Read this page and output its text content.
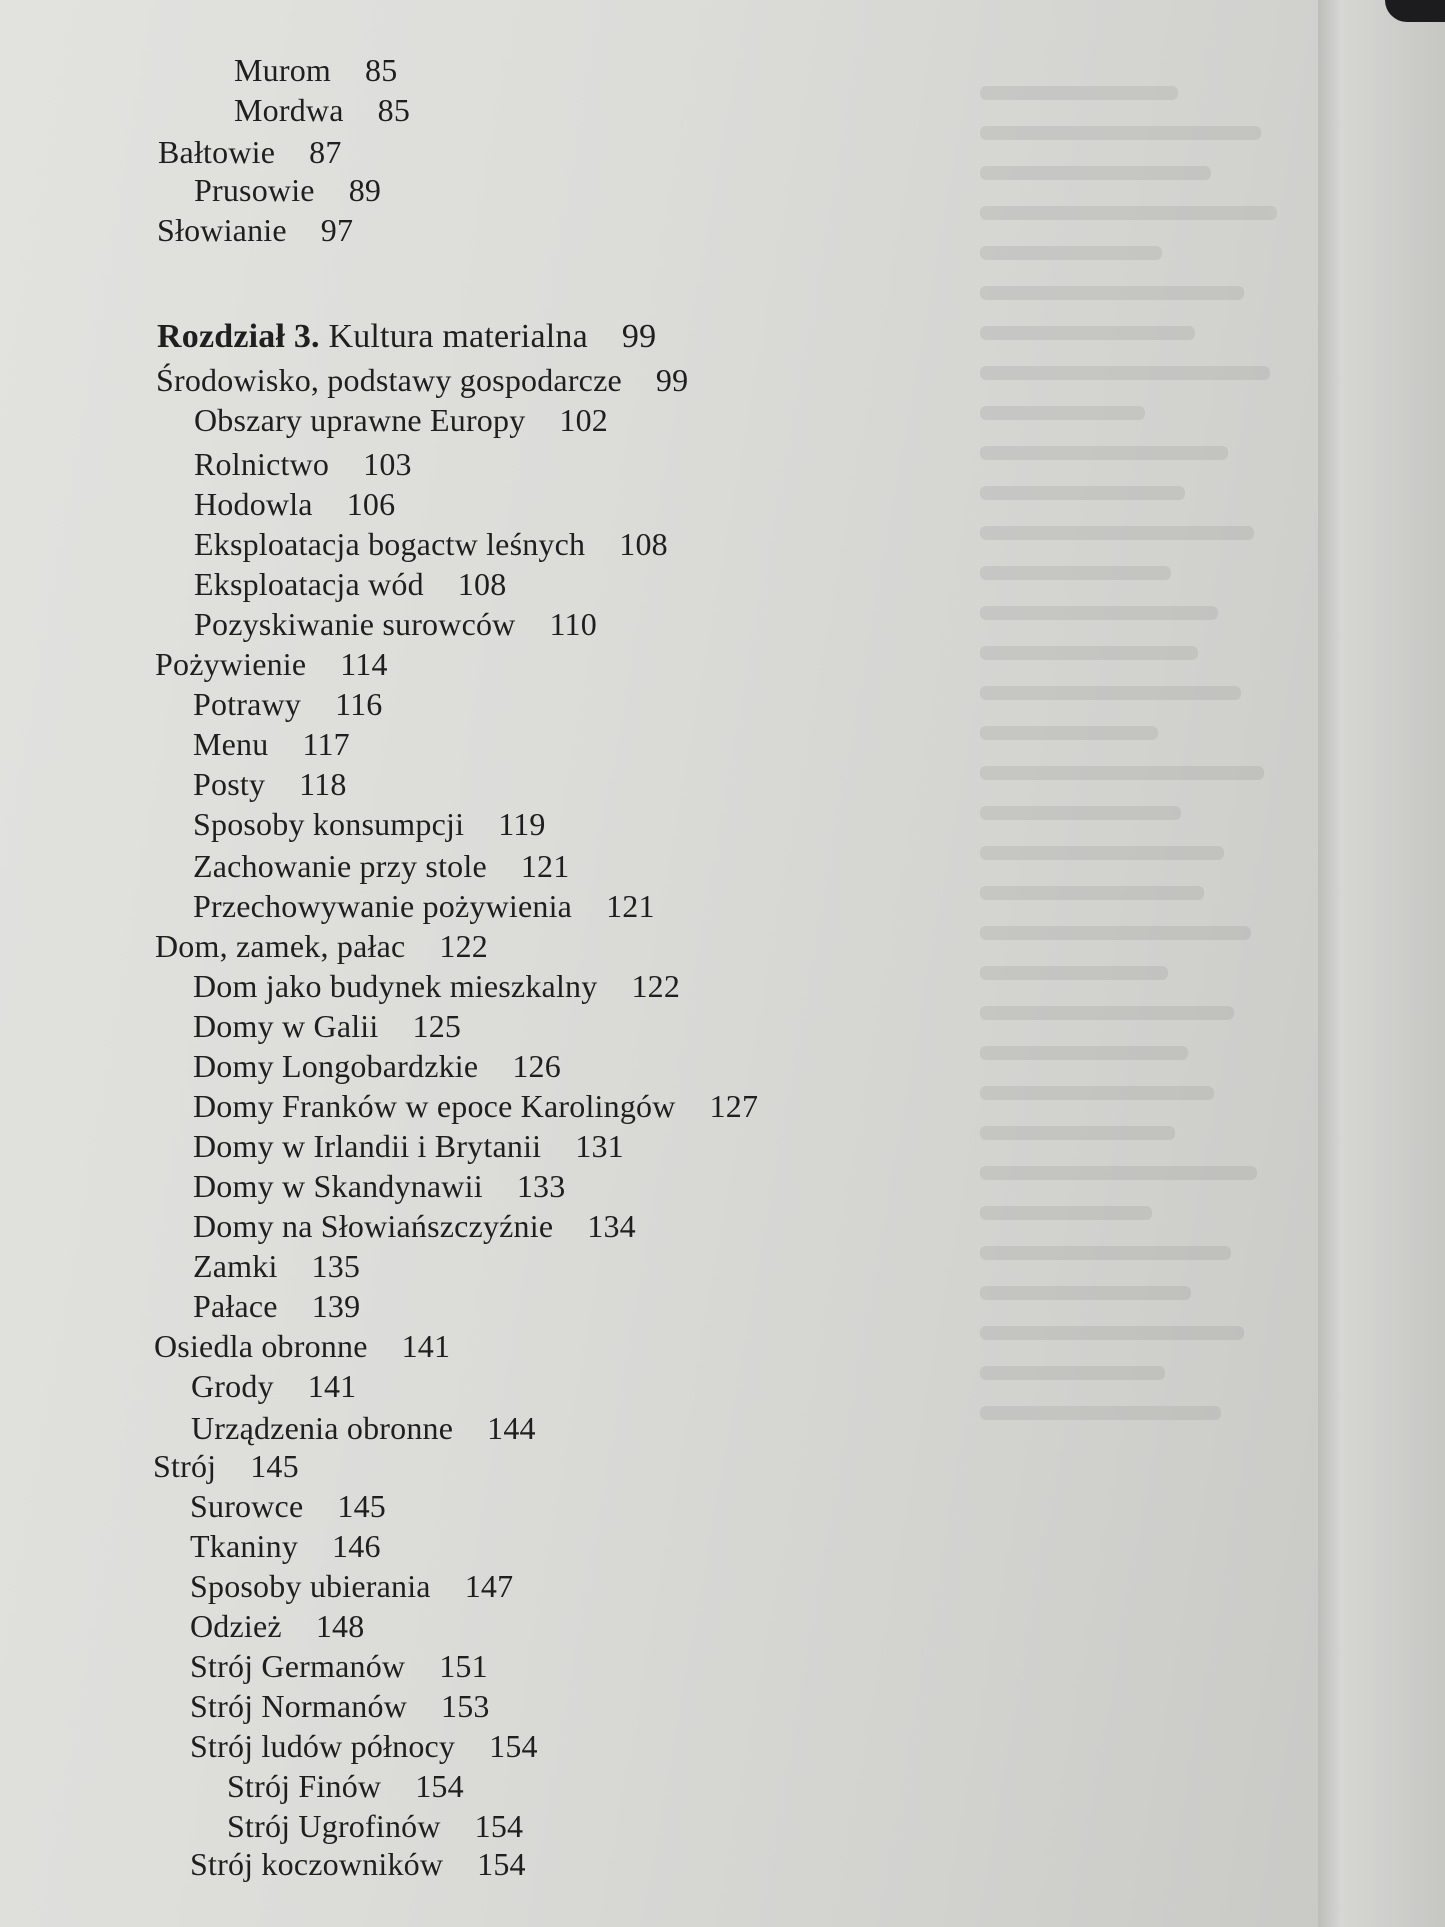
Murom 85
Mordwa 85
Bałtowie 87
Prusowie 89
Słowianie 97
Rozdział 3. Kultura materialna 99
Środowisko, podstawy gospodarcze 99
Obszary uprawne Europy 102
Rolnictwo 103
Hodowla 106
Eksploatacja bogactw leśnych 108
Eksploatacja wód 108
Pozyskiwanie surowców 110
Pożywienie 114
Potrawy 116
Menu 117
Posty 118
Sposoby konsumpcji 119
Zachowanie przy stole 121
Przechowywanie pożywienia 121
Dom, zamek, pałac 122
Dom jako budynek mieszkalny 122
Domy w Galii 125
Domy Longobardzkie 126
Domy Franków w epoce Karolingów 127
Domy w Irlandii i Brytanii 131
Domy w Skandynawii 133
Domy na Słowiańszczyźnie 134
Zamki 135
Pałace 139
Osiedla obronne 141
Grody 141
Urządzenia obronne 144
Strój 145
Surowce 145
Tkaniny 146
Sposoby ubierania 147
Odzież 148
Strój Germanów 151
Strój Normanów 153
Strój ludów północy 154
Strój Finów 154
Strój Ugrofinów 154
Strój koczowników 154
